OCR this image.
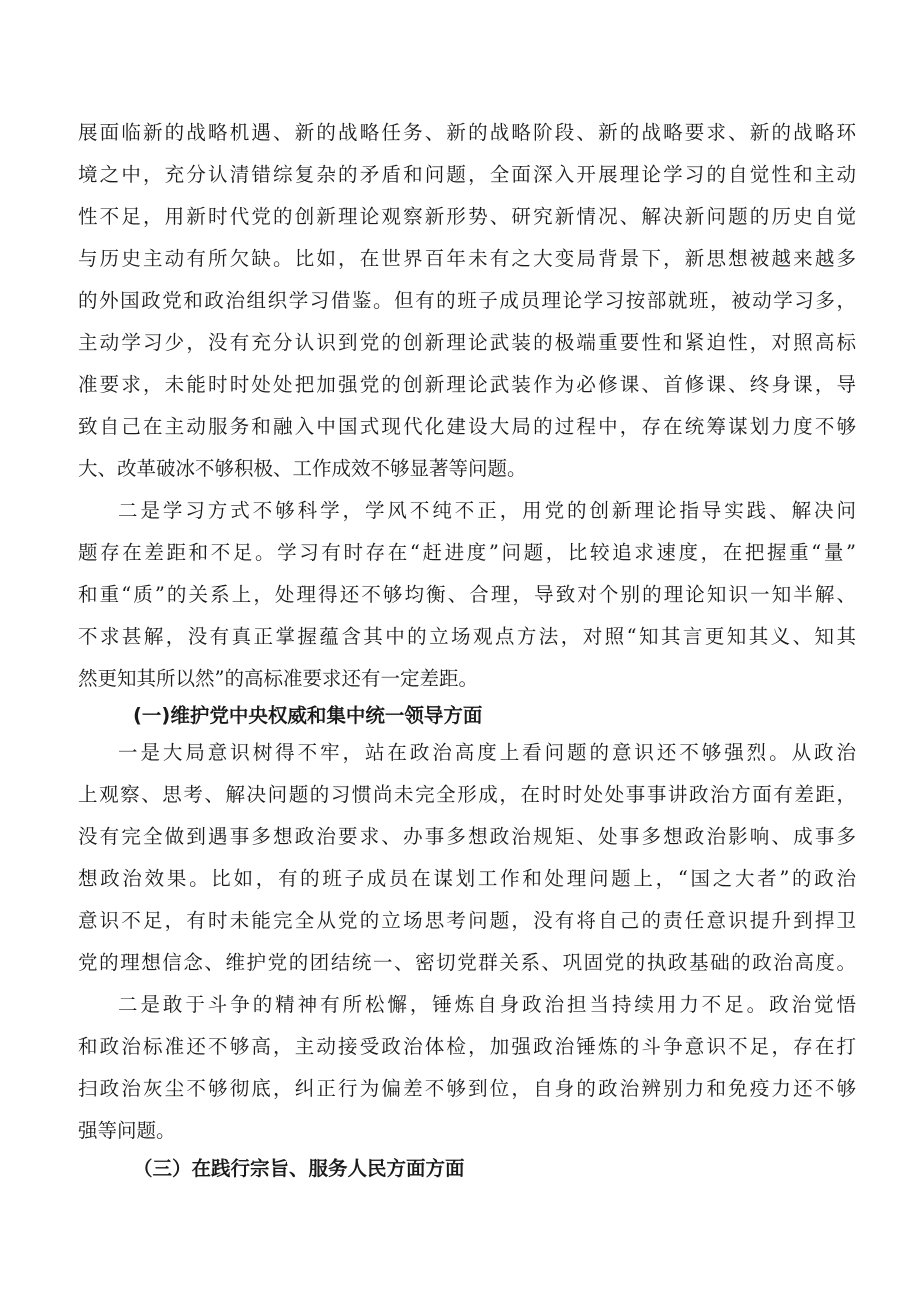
展面临新的战略机遇、新的战略任务、新的战略阶段、新的战略要求、新的战略环
境之中，充分认清错综复杂的矛盾和问题，全面深入开展理论学习的自觉性和主动
性不足，用新时代党的创新理论观察新形势、研究新情况、解决新问题的历史自觉
与历史主动有所欠缺。比如，在世界百年未有之大变局背景下，新思想被越来越多
的外国政党和政治组织学习借鉴。但有的班子成员理论学习按部就班，被动学习多，
主动学习少，没有充分认识到党的创新理论武装的极端重要性和紧迫性，对照高标
准要求，未能时时处处把加强党的创新理论武装作为必修课、首修课、终身课，导
致自己在主动服务和融入中国式现代化建设大局的过程中，存在统筹谋划力度不够
大、改革破冰不够积极、工作成效不够显著等问题。
二是学习方式不够科学，学风不纯不正，用党的创新理论指导实践、解决问
题存在差距和不足。学习有时存在“赶进度”问题，比较追求速度，在把握重“量”
和重“质”的关系上，处理得还不够均衡、合理，导致对个别的理论知识一知半解、
不求甚解，没有真正掌握蕴含其中的立场观点方法，对照“知其言更知其义、知其
然更知其所以然”的高标准要求还有一定差距。
(一)维护党中央权威和集中统一领导方面
一是大局意识树得不牢，站在政治高度上看问题的意识还不够强烈。从政治
上观察、思考、解决问题的习惯尚未完全形成，在时时处处事事讲政治方面有差距，
没有完全做到遇事多想政治要求、办事多想政治规矩、处事多想政治影响、成事多
想政治效果。比如，有的班子成员在谋划工作和处理问题上，“国之大者”的政治
意识不足，有时未能完全从党的立场思考问题，没有将自己的责任意识提升到捍卫
党的理想信念、维护党的团结统一、密切党群关系、巩固党的执政基础的政治高度。
二是敢于斗争的精神有所松懈，锤炼自身政治担当持续用力不足。政治觉悟
和政治标准还不够高，主动接受政治体检，加强政治锤炼的斗争意识不足，存在打
扫政治灰尘不够彻底，纠正行为偏差不够到位，自身的政治辨别力和免疫力还不够
强等问题。
（三）在践行宗旨、服务人民方面方面
